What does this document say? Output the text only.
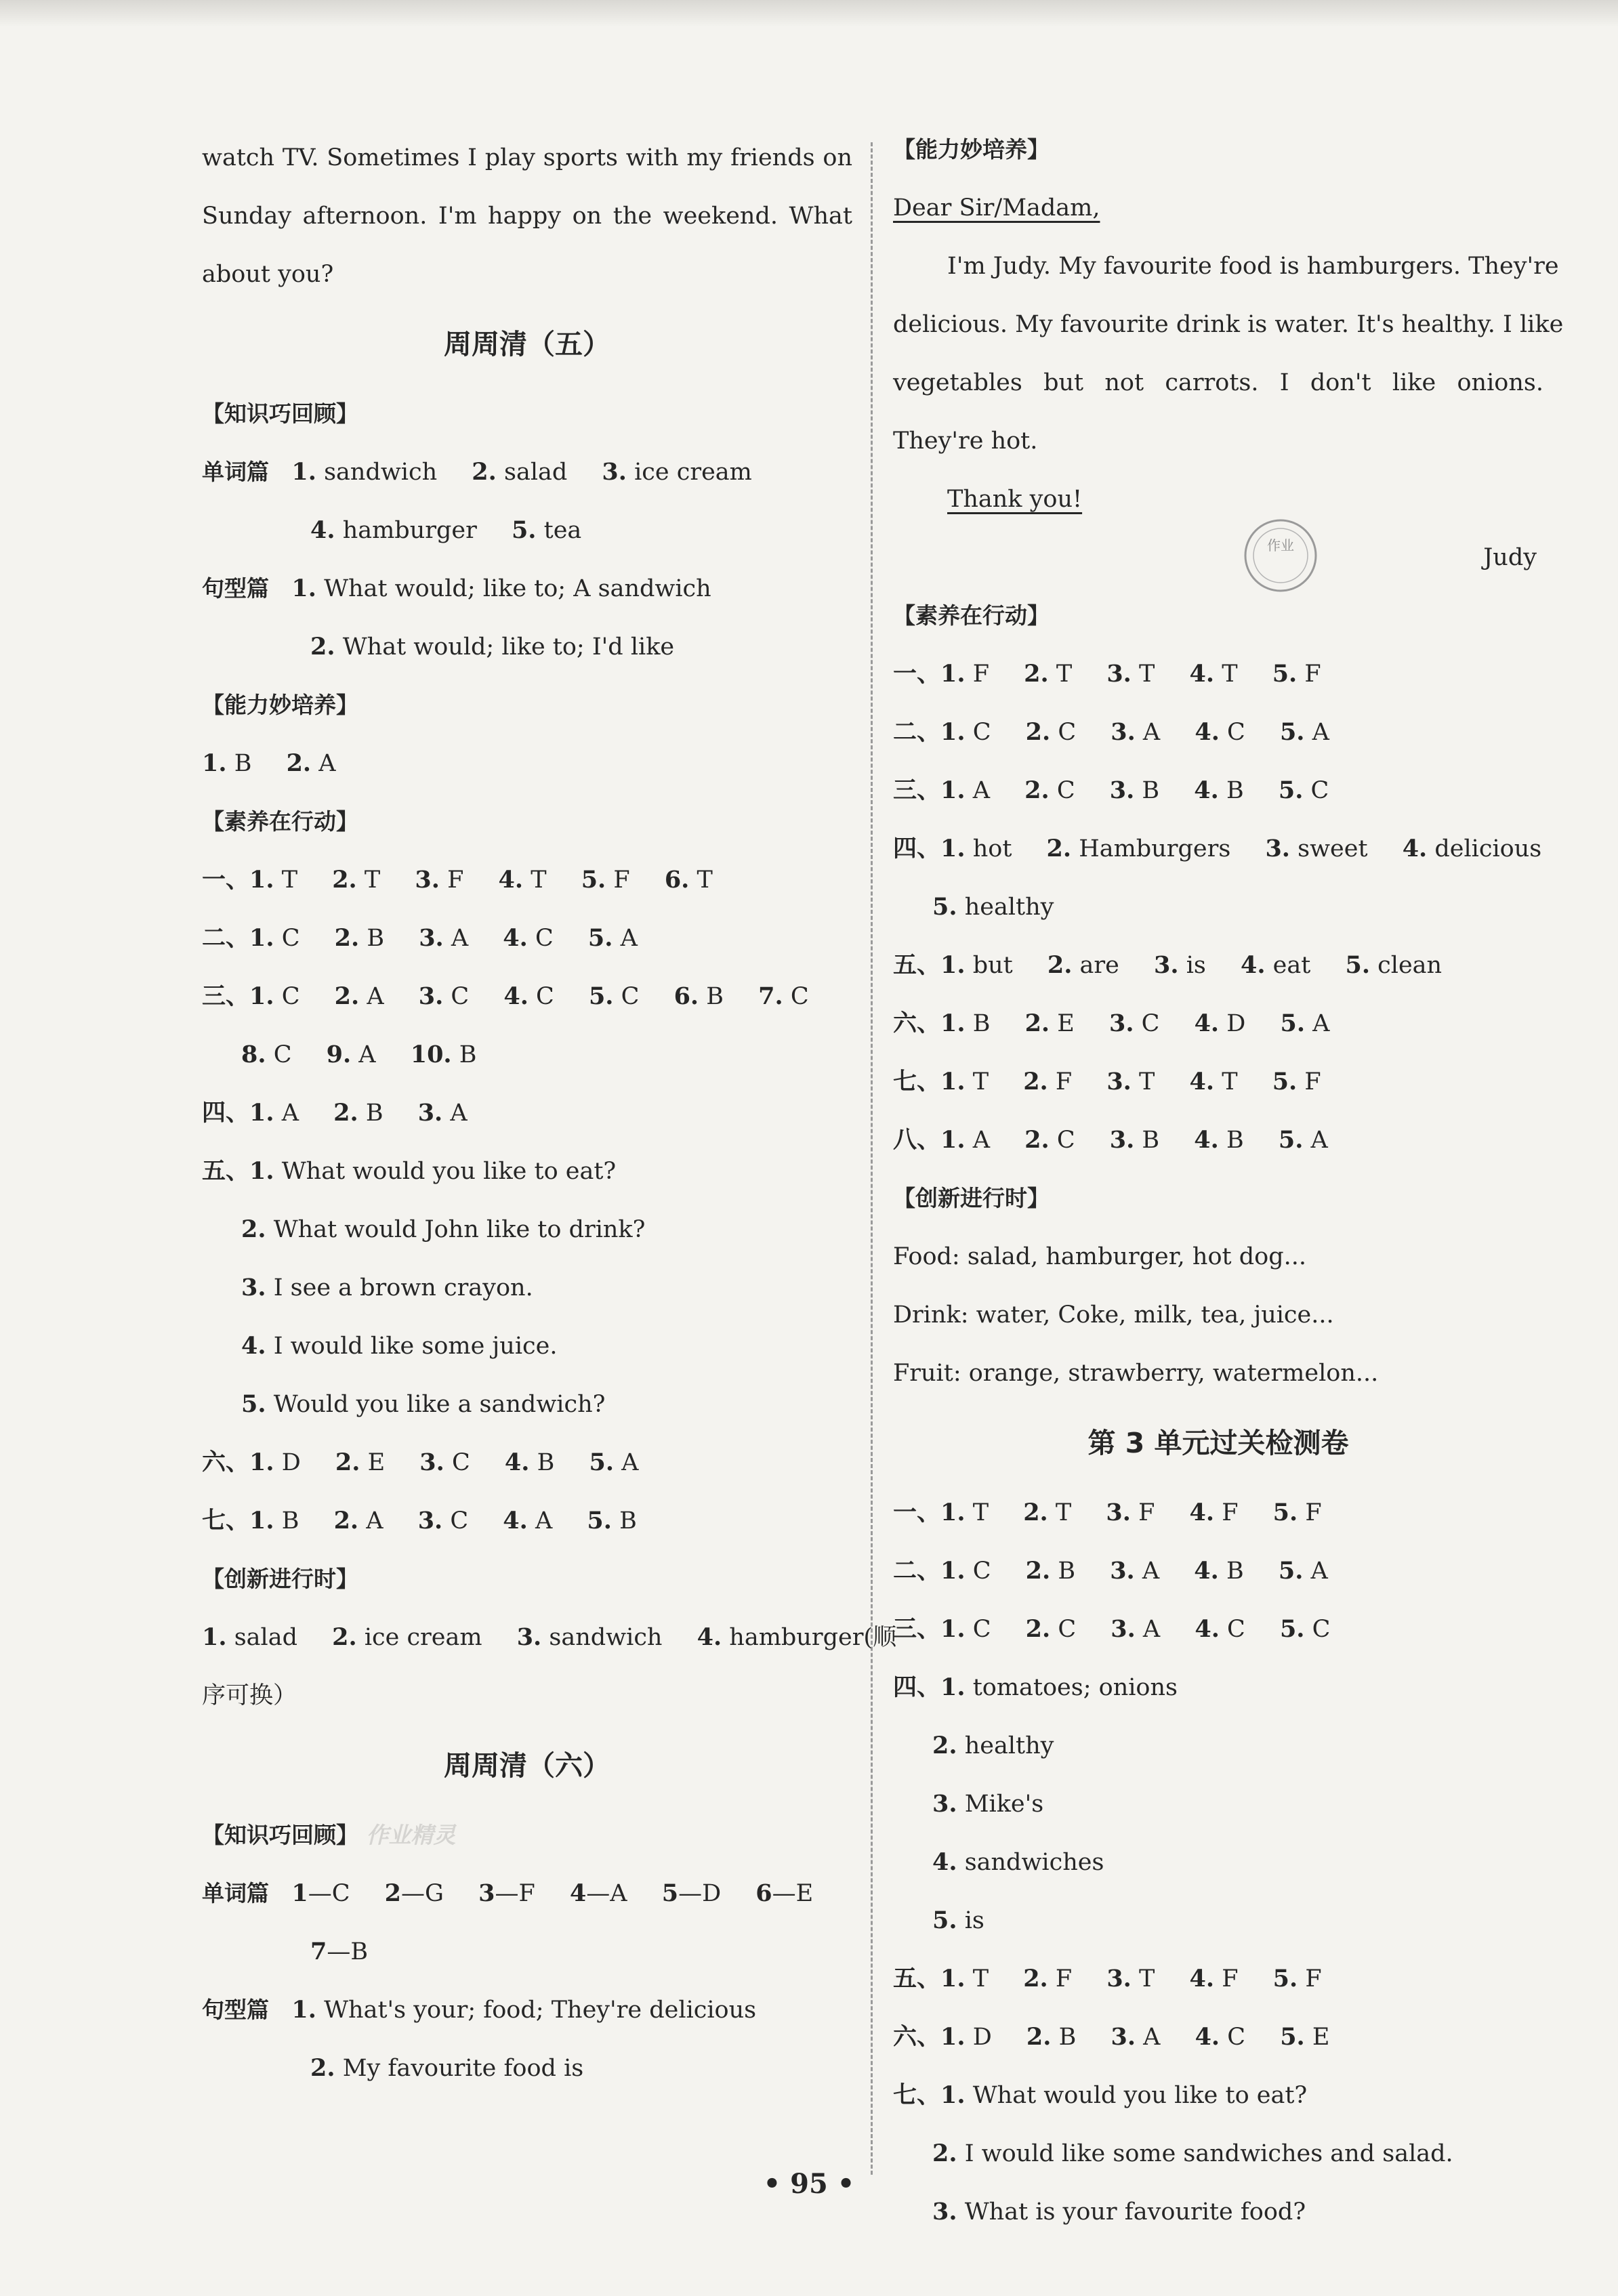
watch TV. Sometimes I play sports with my friends on
Sunday afternoon. I'm happy on the weekend. What
about you?
周周清（五）
【知识巧回顾】
单词篇 1. sandwich 2. salad 3. ice cream
4. hamburger 5. tea
句型篇 1. What would; like to; A sandwich
2. What would; like to; I'd like
【能力妙培养】
1. B 2. A
【素养在行动】
一、1. T 2. T 3. F 4. T 5. F 6. T
二、1. C 2. B 3. A 4. C 5. A
三、1. C 2. A 3. C 4. C 5. C 6. B 7. C
8. C 9. A 10. B
四、1. A 2. B 3. A
五、1. What would you like to eat?
2. What would John like to drink?
3. I see a brown crayon.
4. I would like some juice.
5. Would you like a sandwich?
六、1. D 2. E 3. C 4. B 5. A
七、1. B 2. A 3. C 4. A 5. B
【创新进行时】
1. salad 2. ice cream 3. sandwich 4. hamburger(顺
序可换）
周周清（六）
【知识巧回顾】 作业精灵
单词篇 1—C 2—G 3—F 4—A 5—D 6—E
7—B
句型篇 1. What's your; food; They're delicious
2. My favourite food is
【能力妙培养】
Dear Sir/Madam,
I'm Judy. My favourite food is hamburgers. They're
delicious. My favourite drink is water. It's healthy. I like
vegetables but not carrots. I don't like onions.
They're hot.
Thank you!
Judy
【素养在行动】
一、1. F 2. T 3. T 4. T 5. F
二、1. C 2. C 3. A 4. C 5. A
三、1. A 2. C 3. B 4. B 5. C
四、1. hot 2. Hamburgers 3. sweet 4. delicious
5. healthy
五、1. but 2. are 3. is 4. eat 5. clean
六、1. B 2. E 3. C 4. D 5. A
七、1. T 2. F 3. T 4. T 5. F
八、1. A 2. C 3. B 4. B 5. A
【创新进行时】
Food: salad, hamburger, hot dog...
Drink: water, Coke, milk, tea, juice...
Fruit: orange, strawberry, watermelon...
第 3 单元过关检测卷
一、1. T 2. T 3. F 4. F 5. F
二、1. C 2. B 3. A 4. B 5. A
三、1. C 2. C 3. A 4. C 5. C
四、1. tomatoes; onions
2. healthy
3. Mike's
4. sandwiches
5. is
五、1. T 2. F 3. T 4. F 5. F
六、1. D 2. B 3. A 4. C 5. E
七、1. What would you like to eat?
2. I would like some sandwiches and salad.
3. What is your favourite food?
作业
• 95 •
